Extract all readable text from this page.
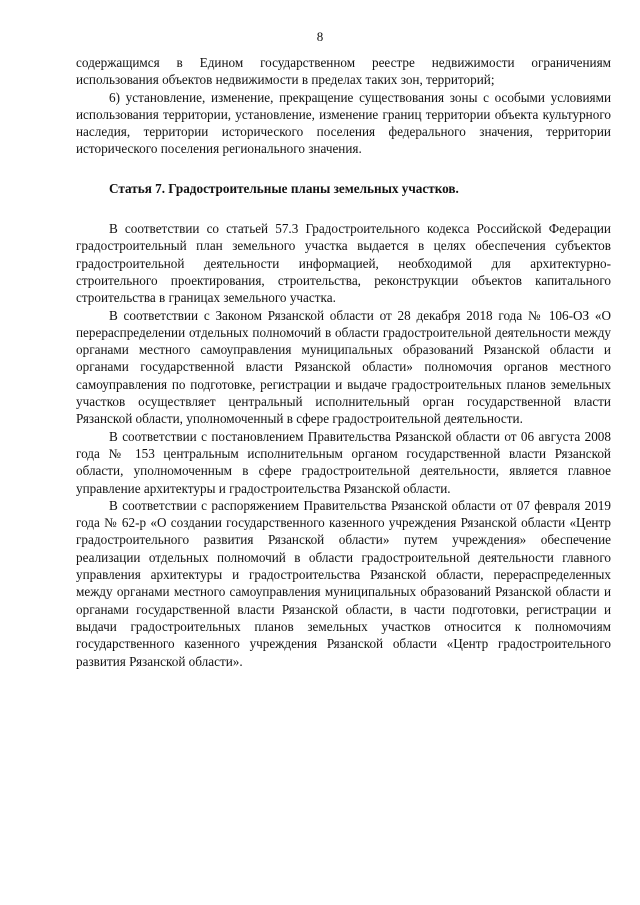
8

содержащимся в Едином государственном реестре недвижимости ограничениям использования объектов недвижимости в пределах таких зон, территорий;

6) установление, изменение, прекращение существования зоны с особыми условиями использования территории, установление, изменение границ территории объекта культурного наследия, территории исторического поселения федерального значения, территории исторического поселения регионального значения.

Статья 7. Градостроительные планы земельных участков.

В соответствии со статьей 57.3 Градостроительного кодекса Российской Федерации градостроительный план земельного участка выдается в целях обеспечения субъектов градостроительной деятельности информацией, необходимой для архитектурно-строительного проектирования, строительства, реконструкции объектов капитального строительства в границах земельного участка.

В соответствии с Законом Рязанской области от 28 декабря 2018 года № 106-ОЗ «О перераспределении отдельных полномочий в области градостроительной деятельности между органами местного самоуправления муниципальных образований Рязанской области и органами государственной власти Рязанской области» полномочия органов местного самоуправления по подготовке, регистрации и выдаче градостроительных планов земельных участков осуществляет центральный исполнительный орган государственной власти Рязанской области, уполномоченный в сфере градостроительной деятельности.

В соответствии с постановлением Правительства Рязанской области от 06 августа 2008 года № 153 центральным исполнительным органом государственной власти Рязанской области, уполномоченным в сфере градостроительной деятельности, является главное управление архитектуры и градостроительства Рязанской области.

В соответствии с распоряжением Правительства Рязанской области от 07 февраля 2019 года № 62-р «О создании государственного казенного учреждения Рязанской области «Центр градостроительного развития Рязанской области» путем учреждения» обеспечение реализации отдельных полномочий в области градостроительной деятельности главного управления архитектуры и градостроительства Рязанской области, перераспределенных между органами местного самоуправления муниципальных образований Рязанской области и органами государственной власти Рязанской области, в части подготовки, регистрации и выдачи градостроительных планов земельных участков относится к полномочиям государственного казенного учреждения Рязанской области «Центр градостроительного развития Рязанской области».
